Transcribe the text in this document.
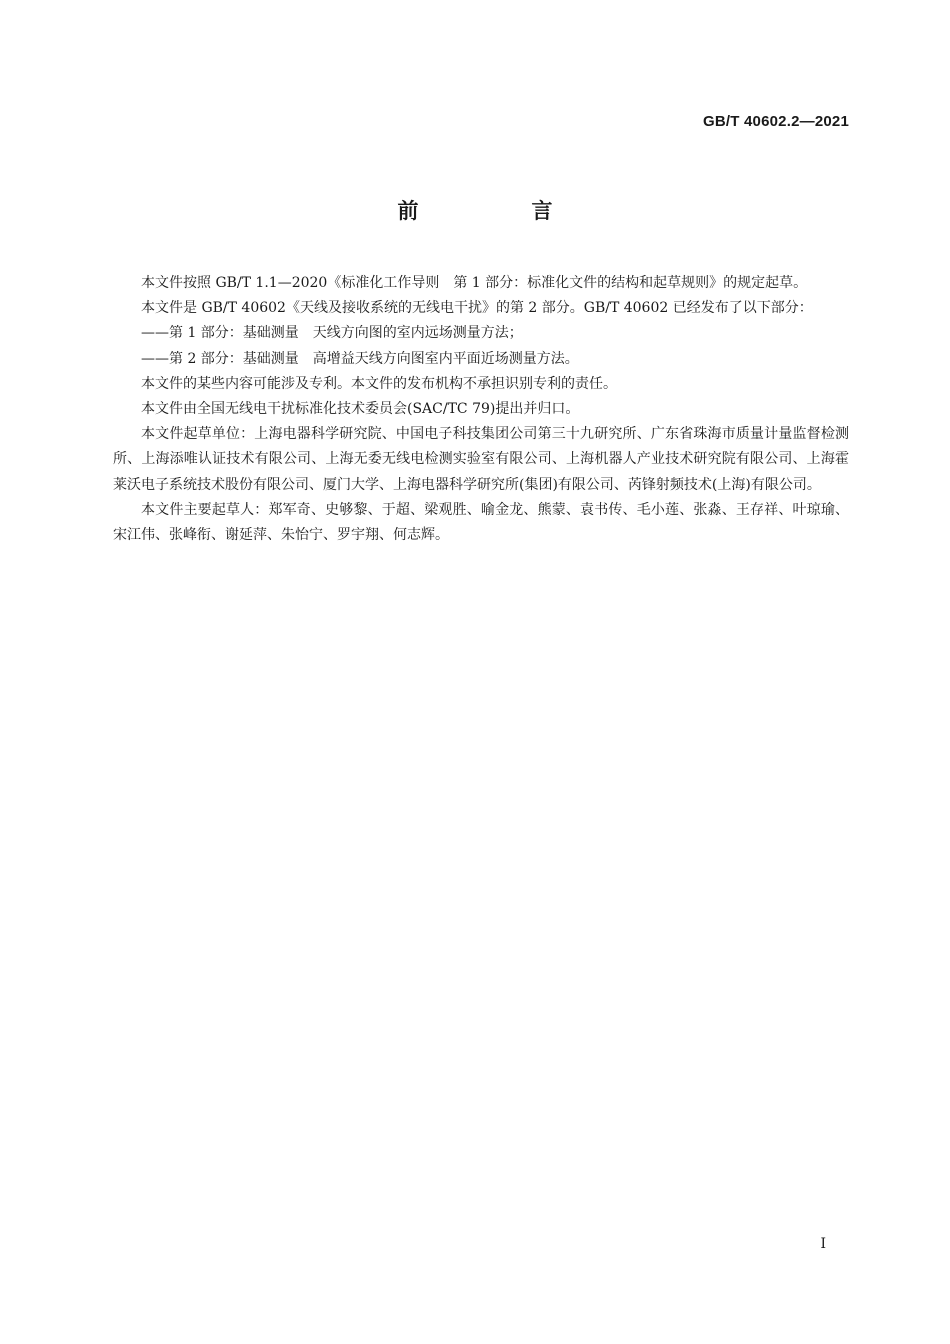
GB/T 40602.2—2021
前　言

本文件按照 GB/T 1.1—2020《标准化工作导则　第 1 部分：标准化文件的结构和起草规则》的规定起草。

本文件是 GB/T 40602《天线及接收系统的无线电干扰》的第 2 部分。GB/T 40602 已经发布了以下部分：

——第 1 部分：基础测量　天线方向图的室内远场测量方法；

——第 2 部分：基础测量　高增益天线方向图室内平面近场测量方法。

本文件的某些内容可能涉及专利。本文件的发布机构不承担识别专利的责任。

本文件由全国无线电干扰标准化技术委员会(SAC/TC 79)提出并归口。

本文件起草单位：上海电器科学研究院、中国电子科技集团公司第三十九研究所、广东省珠海市质量计量监督检测所、上海添唯认证技术有限公司、上海无委无线电检测实验室有限公司、上海机器人产业技术研究院有限公司、上海霍莱沃电子系统技术股份有限公司、厦门大学、上海电器科学研究所(集团)有限公司、芮锋射频技术(上海)有限公司。

本文件主要起草人：郑军奇、史够黎、于超、梁观胜、喻金龙、熊蒙、袁书传、毛小莲、张淼、王存祥、叶琼瑜、宋江伟、张峰衔、谢延萍、朱怡宁、罗宇翔、何志辉。

I
